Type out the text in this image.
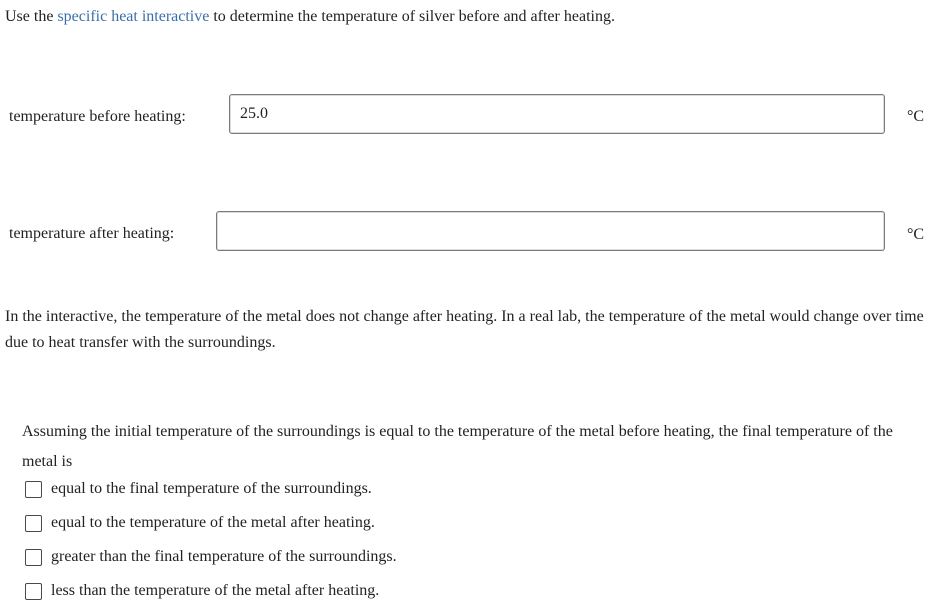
Use the specific heat interactive to determine the temperature of silver before and after heating.
temperature before heating:
25.0	°C
temperature after heating:	°C

In the interactive, the temperature of the metal does not change after heating. In a real lab, the temperature of the metal would change over time due to heat transfer with the surroundings.

Assuming the initial temperature of the surroundings is equal to the temperature of the metal before heating, the final temperature of the metal is

equal to the final temperature of the surroundings.
equal to the temperature of the metal after heating.
greater than the final temperature of the surroundings.
less than the temperature of the metal after heating.
